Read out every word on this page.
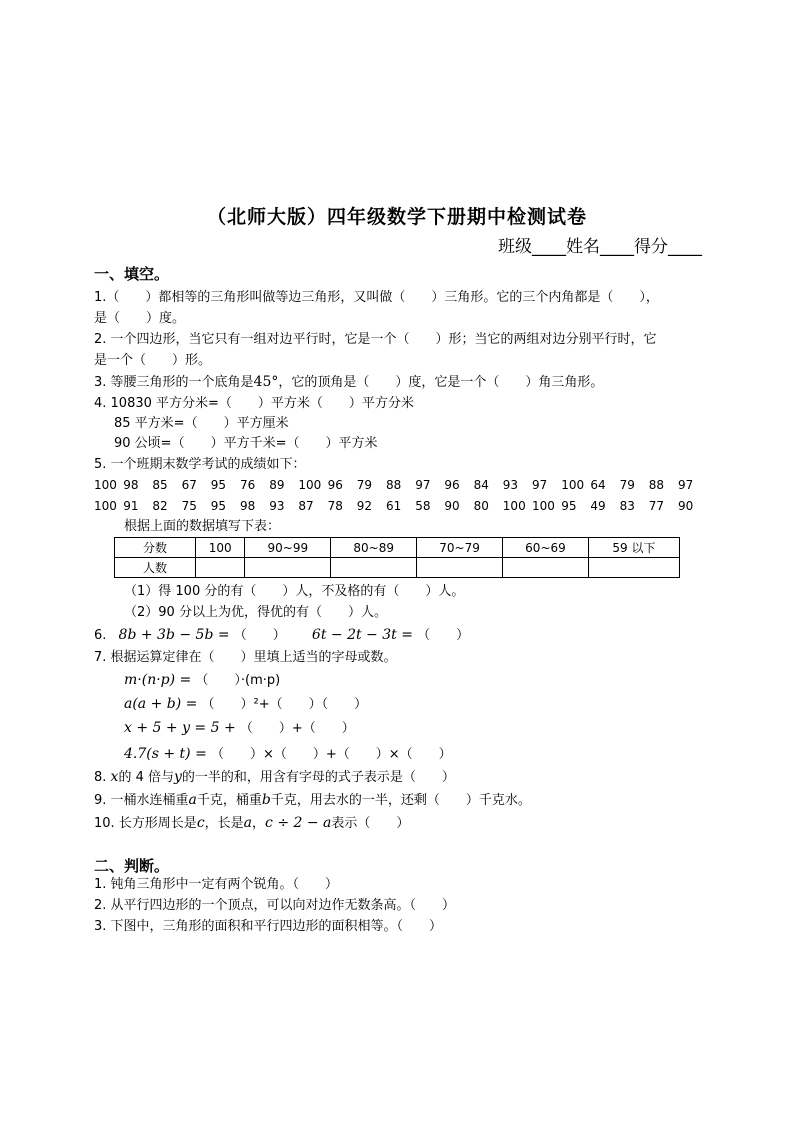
（北师大版）四年级数学下册期中检测试卷
班级____姓名____得分____
一、填空。
1.（　　）都相等的三角形叫做等边三角形，又叫做（　　）三角形。它的三个内角都是（　　），
是（　　）度。
2. 一个四边形，当它只有一组对边平行时，它是一个（　　）形；当它的两组对边分别平行时，它
是一个（　　）形。
3. 等腰三角形的一个底角是45°，它的顶角是（　　）度，它是一个（　　）角三角形。
4. 10830 平方分米=（　　）平方米（　　）平方分米
85 平方米=（　　）平方厘米
90 公顷=（　　）平方千米=（　　）平方米
5. 一个班期末数学考试的成绩如下：
100 98 85 67 95 76 89 100 96 79 88 97 96 84 93 97 100 64 79 88 97
100 91 82 75 95 98 93 87 78 92 61 58 90 80 100 100 95 49 83 77 90
根据上面的数据填写下表：
分数	100	90~99	80~89	70~79	60~69	59 以下
人数						
（1）得 100 分的有（　　）人，不及格的有（　　）人。
（2）90 分以上为优，得优的有（　　）人。
6. 8b + 3b − 5b = （　　） 6t − 2t − 3t = （　　）
7. 根据运算定律在（　　）里填上适当的字母或数。
m·(n·p) = （　　）·(m·p)
a(a + b) = （　　）²+（　　）（　　）
x + 5 + y = 5 + （　　）+（　　）
4.7(s + t) = （　　）×（　　）+（　　）×（　　）
8. x的 4 倍与y的一半的和，用含有字母的式子表示是（　　）
9. 一桶水连桶重a千克，桶重b千克，用去水的一半，还剩（　　）千克水。
10. 长方形周长是c，长是a，c ÷ 2 − a表示（　　）
二、判断。
1. 钝角三角形中一定有两个锐角。（　　）
2. 从平行四边形的一个顶点，可以向对边作无数条高。（　　）
3. 下图中，三角形的面积和平行四边形的面积相等。（　　）
